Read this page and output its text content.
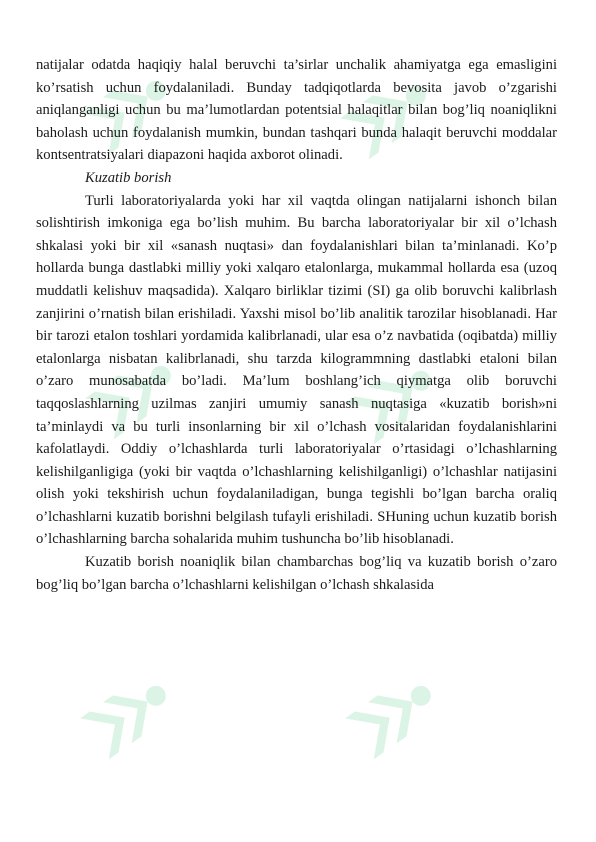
natijalar odatda haqiqiy halal beruvchi ta’sirlar unchalik ahamiyatga ega emasligini ko’rsatish uchun foydalaniladi. Bunday tadqiqotlarda bevosita javob o’zgarishi aniqlanganligi uchun bu ma’lumotlardan potentsial halaqitlar bilan bog’liq noaniqlikni baholash uchun foydalanish mumkin, bundan tashqari bunda halaqit beruvchi moddalar kontsentratsiyalari diapazoni haqida axborot olinadi.

Kuzatib borish

Turli laboratoriyalarda yoki har xil vaqtda olingan natijalarni ishonch bilan solishtirish imkoniga ega bo’lish muhim. Bu barcha laboratoriyalar bir xil o’lchash shkalasi yoki bir xil «sanash nuqtasi» dan foydalanishlari bilan ta’minlanadi. Ko’p hollarda bunga dastlabki milliy yoki xalqaro etalonlarga, mukammal hollarda esa (uzoq muddatli kelishuv maqsadida). Xalqaro birliklar tizimi (SI) ga olib boruvchi kalibrlash zanjirini o’rnatish bilan erishiladi. Yaxshi misol bo’lib analitik tarozilar hisoblanadi. Har bir tarozi etalon toshlari yordamida kalibrlanadi, ular esa o’z navbatida (oqibatda) milliy etalonlarga nisbatan kalibrlanadi, shu tarzda kilogrammning dastlabki etaloni bilan o’zaro munosabatda bo’ladi. Ma’lum boshlang’ich qiymatga olib boruvchi taqqoslashlarning uzilmas zanjiri umumiy sanash nuqtasiga «kuzatib borish»ni ta’minlaydi va bu turli insonlarning bir xil o’lchash vositalaridan foydalanishlarini kafolatlaydi. Oddiy o’lchashlarda turli laboratoriyalar o’rtasidagi o’lchashlarning kelishilganligiga (yoki bir vaqtda o’lchashlarning kelishilganligi) o’lchashlar natijasini olish yoki tekshirish uchun foydalaniladigan, bunga tegishli bo’lgan barcha oraliq o’lchashlarni kuzatib borishni belgilash tufayli erishiladi. SHuning uchun kuzatib borish o’lchashlarning barcha sohalarida muhim tushuncha bo’lib hisoblanadi.

Kuzatib borish noaniqlik bilan chambarchas bog’liq va kuzatib borish o’zaro bog’liq bo’lgan barcha o’lchashlarni kelishilgan o’lchash shkalasida
